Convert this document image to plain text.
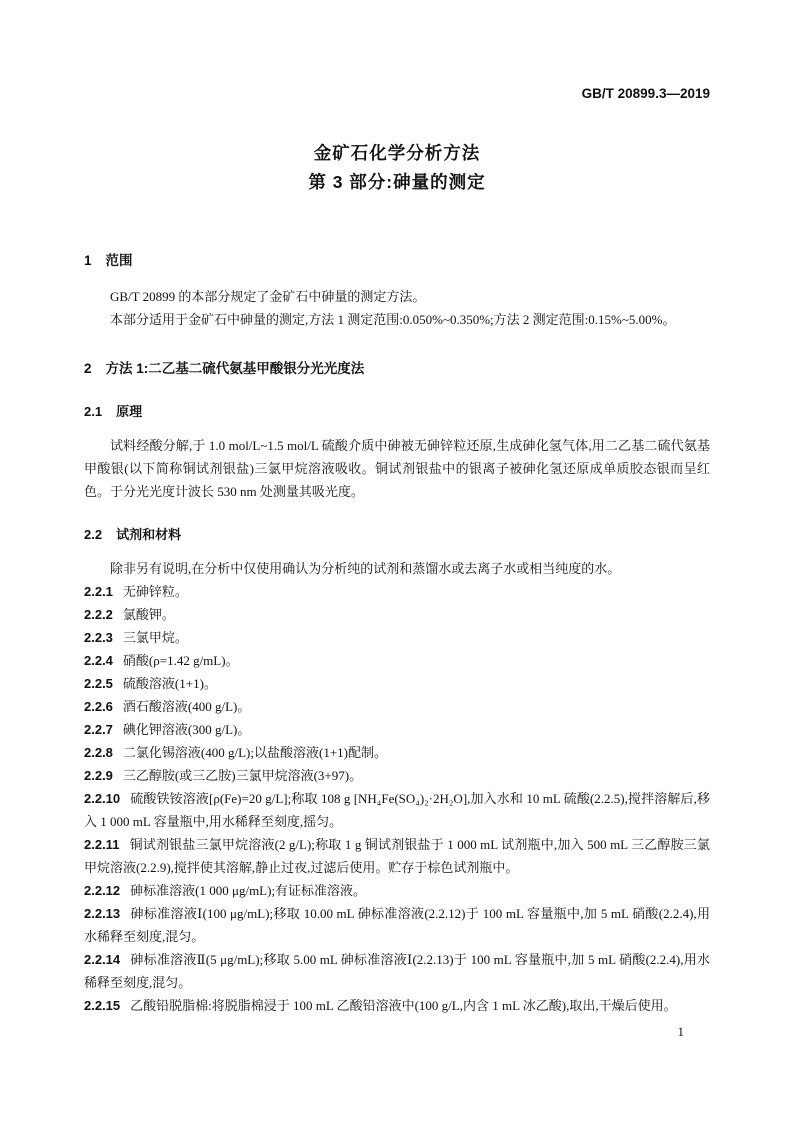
GB/T 20899.3—2019
金矿石化学分析方法
第 3 部分:砷量的测定
1 范围

GB/T 20899 的本部分规定了金矿石中砷量的测定方法。

本部分适用于金矿石中砷量的测定,方法 1 测定范围:0.050%~0.350%;方法 2 测定范围:0.15%~5.00%。

2 方法 1:二乙基二硫代氨基甲酸银分光光度法
2.1 原理

试料经酸分解,于 1.0 mol/L~1.5 mol/L 硫酸介质中砷被无砷锌粒还原,生成砷化氢气体,用二乙基二硫代氨基甲酸银(以下简称铜试剂银盐)三氯甲烷溶液吸收。铜试剂银盐中的银离子被砷化氢还原成单质胶态银而呈红色。于分光光度计波长 530 nm 处测量其吸光度。

2.2 试剂和材料

除非另有说明,在分析中仅使用确认为分析纯的试剂和蒸馏水或去离子水或相当纯度的水。

2.2.1 无砷锌粒。

2.2.2 氯酸钾。

2.2.3 三氯甲烷。

2.2.4 硝酸(ρ=1.42 g/mL)。

2.2.5 硫酸溶液(1+1)。

2.2.6 酒石酸溶液(400 g/L)。

2.2.7 碘化钾溶液(300 g/L)。

2.2.8 二氯化锡溶液(400 g/L);以盐酸溶液(1+1)配制。

2.2.9 三乙醇胺(或三乙胺)三氯甲烷溶液(3+97)。

2.2.10 硫酸铁铵溶液[ρ(Fe)=20 g/L];称取 108 g [NH₄Fe(SO₄)₂·2H₂O],加入水和 10 mL 硫酸(2.2.5),搅拌溶解后,移入 1 000 mL 容量瓶中,用水稀释至刻度,摇匀。

2.2.11 铜试剂银盐三氯甲烷溶液(2 g/L);称取 1 g 铜试剂银盐于 1 000 mL 试剂瓶中,加入 500 mL 三乙醇胺三氯甲烷溶液(2.2.9),搅拌使其溶解,静止过夜,过滤后使用。贮存于棕色试剂瓶中。

2.2.12 砷标准溶液(1 000 μg/mL);有证标准溶液。

2.2.13 砷标准溶液Ⅰ(100 μg/mL);移取 10.00 mL 砷标准溶液(2.2.12)于 100 mL 容量瓶中,加 5 mL 硝酸(2.2.4),用水稀释至刻度,混匀。

2.2.14 砷标准溶液Ⅱ(5 μg/mL);移取 5.00 mL 砷标准溶液Ⅰ(2.2.13)于 100 mL 容量瓶中,加 5 mL 硝酸(2.2.4),用水稀释至刻度,混匀。

2.2.15 乙酸铅脱脂棉:将脱脂棉浸于 100 mL 乙酸铅溶液中(100 g/L,内含 1 mL 冰乙酸),取出,干燥后使用。

1
